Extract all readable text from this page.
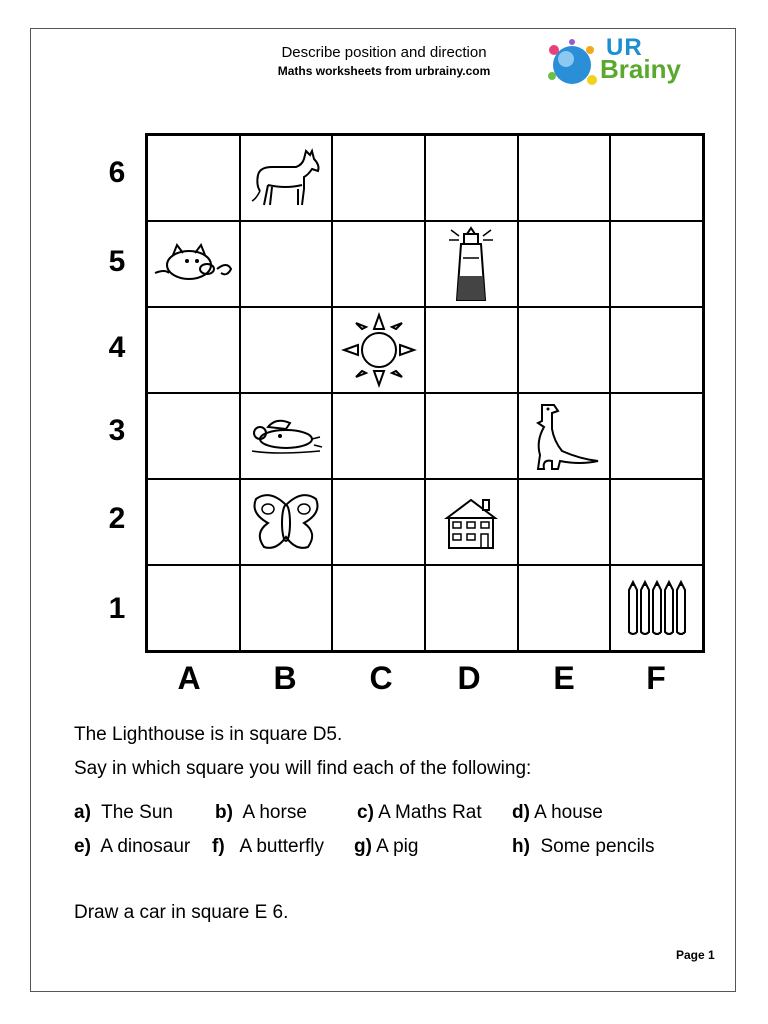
Describe position and direction
Maths worksheets from urbrainy.com
UR
Brainy
6
5
4
3
2
1
A	B	C	D	E	F
The Lighthouse is in square D5.
Say in which square you will find each of the following:
a) The Sun b) A horse	c) A Maths Rat d) A house
e) A dinosaur f) A butterfly g) A pig	h) Some pencils
Draw a car in square E 6.
Page 1
